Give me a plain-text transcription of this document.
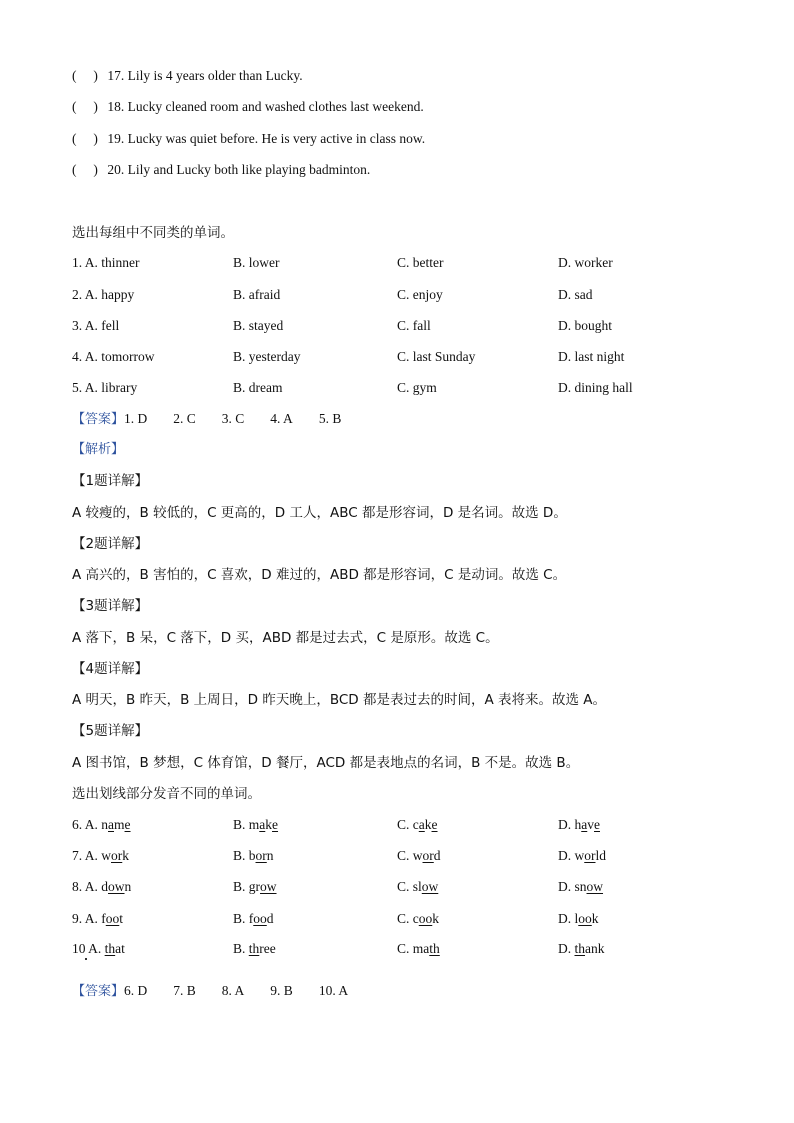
( ) 17. Lily is 4 years older than Lucky.
( ) 18. Lucky cleaned room and washed clothes last weekend.
( ) 19. Lucky was quiet before. He is very active in class now.
( ) 20. Lily and Lucky both like playing badminton.
选出每组中不同类的单词。
1. A. thinner	B. lower	C. better	D. worker
2. A. happy	B. afraid	C. enjoy	D. sad
3. A. fell	B. stayed	C. fall	D. bought
4. A. tomorrow	B. yesterday	C. last Sunday	D. last night
5. A. library	B. dream	C. gym	D. dining hall
【答案】1. D 2. C 3. C 4. A 5. B
【解析】
【1题详解】
A 较瘦的，B 较低的，C 更高的，D 工人，ABC 都是形容词，D 是名词。故选 D。
【2题详解】
A 高兴的，B 害怕的，C 喜欢，D 难过的，ABD 都是形容词，C 是动词。故选 C。
【3题详解】
A 落下，B 呆，C 落下，D 买，ABD 都是过去式，C 是原形。故选 C。
【4题详解】
A 明天，B 昨天，B 上周日，D 昨天晚上，BCD 都是表过去的时间，A 表将来。故选 A。
【5题详解】
A 图书馆，B 梦想，C 体育馆，D 餐厅，ACD 都是表地点的名词，B 不是。故选 B。
选出划线部分发音不同的单词。
6. A. name	B. make	C. cake	D. have
7. A. work	B. born	C. word	D. world
8. A. down	B. grow	C. slow	D. snow
9. A. foot	B. food	C. cook	D. look
10 A. that	B. three	C. math	D. thank
【答案】6. D 7. B 8. A 9. B 10. A
